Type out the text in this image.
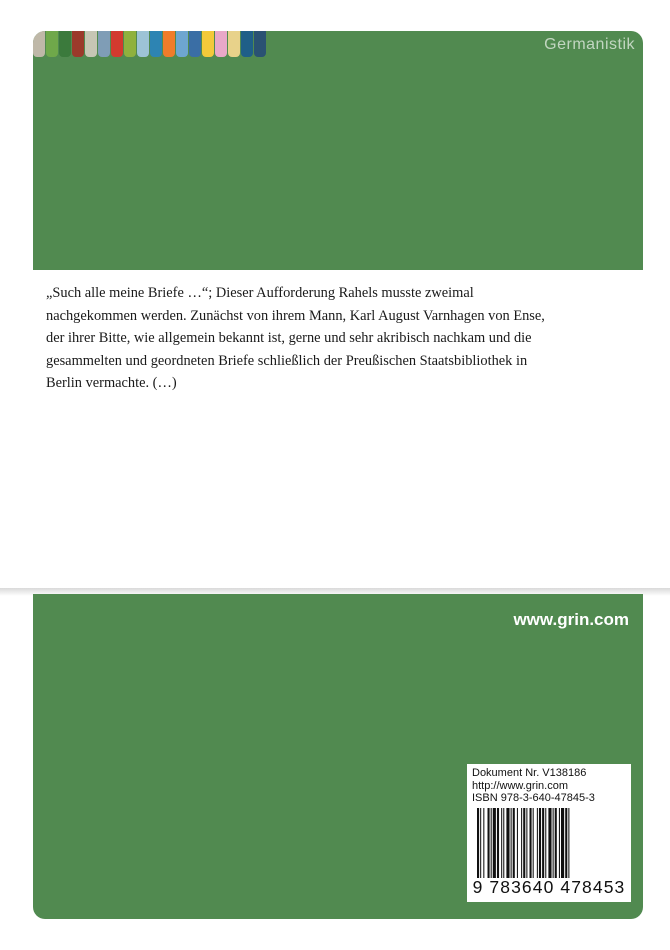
Germanistik

„Such alle meine Briefe …“; Dieser Aufforderung Rahels musste zweimal nachgekommen werden. Zunächst von ihrem Mann, Karl August Varnhagen von Ense, der ihrer Bitte, wie allgemein bekannt ist, gerne und sehr akribisch nachkam und die gesammelten und geordneten Briefe schließlich der Preußischen Staatsbibliothek in Berlin vermachte. (…)

www.grin.com

Dokument Nr. V138186

http://www.grin.com

ISBN 978-3-640-47845-3

9 783640 478453
